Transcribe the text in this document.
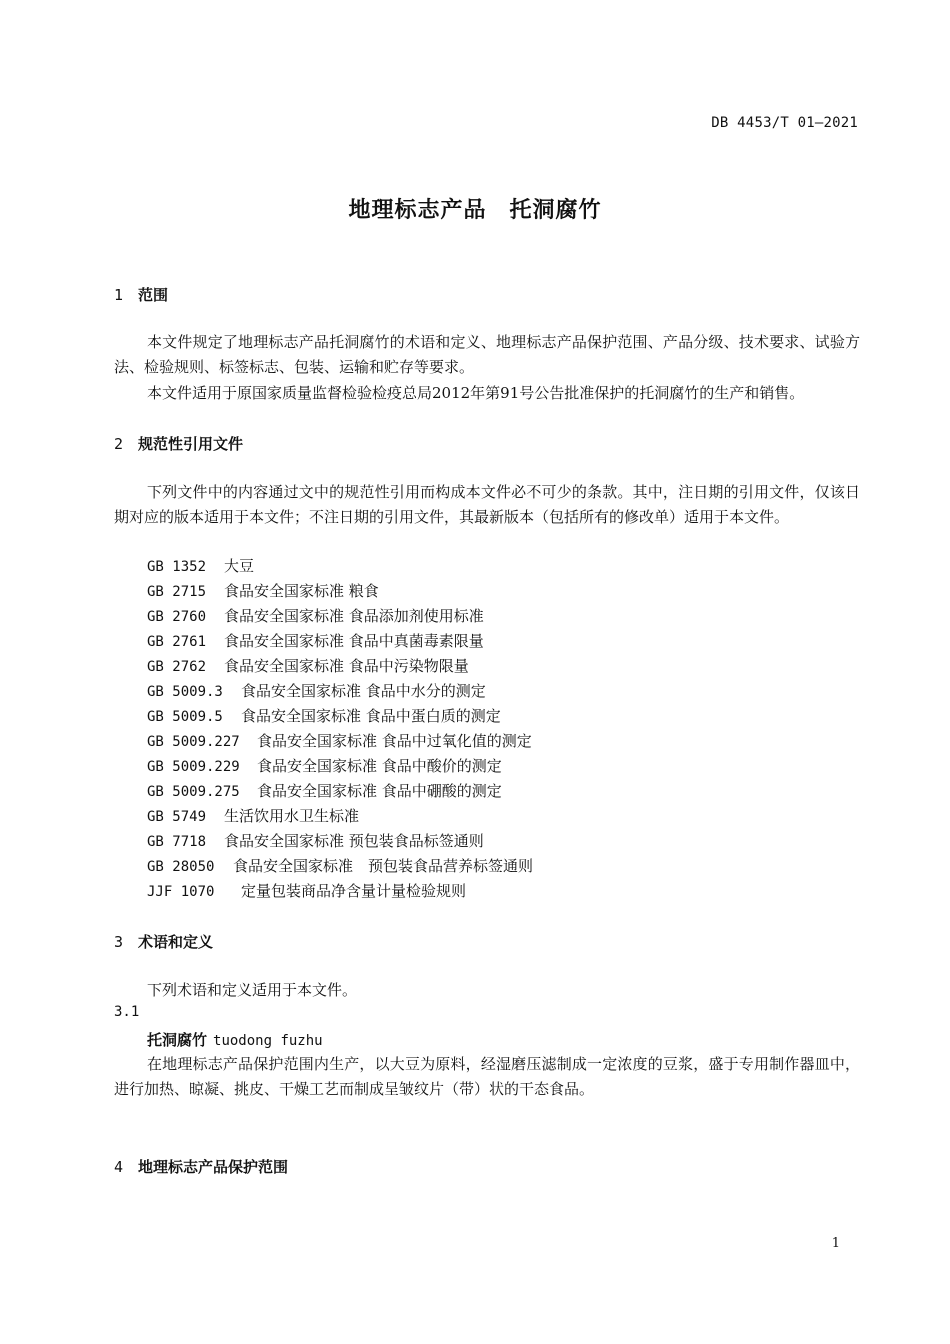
DB 4453/T 01—2021
地理标志产品　托洞腐竹
1 范围
本文件规定了地理标志产品托洞腐竹的术语和定义、地理标志产品保护范围、产品分级、技术要求、试验方法、检验规则、标签标志、包装、运输和贮存等要求。
本文件适用于原国家质量监督检验检疫总局2012年第91号公告批准保护的托洞腐竹的生产和销售。
2 规范性引用文件
下列文件中的内容通过文中的规范性引用而构成本文件必不可少的条款。其中，注日期的引用文件，仅该日期对应的版本适用于本文件；不注日期的引用文件，其最新版本（包括所有的修改单）适用于本文件。
GB 1352 大豆
GB 2715 食品安全国家标准 粮食
GB 2760 食品安全国家标准 食品添加剂使用标准
GB 2761 食品安全国家标准 食品中真菌毒素限量
GB 2762 食品安全国家标准 食品中污染物限量
GB 5009.3 食品安全国家标准 食品中水分的测定
GB 5009.5 食品安全国家标准 食品中蛋白质的测定
GB 5009.227 食品安全国家标准 食品中过氧化值的测定
GB 5009.229 食品安全国家标准 食品中酸价的测定
GB 5009.275 食品安全国家标准 食品中硼酸的测定
GB 5749 生活饮用水卫生标准
GB 7718 食品安全国家标准 预包装食品标签通则
GB 28050 食品安全国家标准　预包装食品营养标签通则
JJF 1070 定量包装商品净含量计量检验规则
3 术语和定义
下列术语和定义适用于本文件。
3.1
托洞腐竹 tuodong fuzhu
在地理标志产品保护范围内生产，以大豆为原料，经湿磨压滤制成一定浓度的豆浆，盛于专用制作器皿中，进行加热、晾凝、挑皮、干燥工艺而制成呈皱纹片（带）状的干态食品。
4 地理标志产品保护范围
1
